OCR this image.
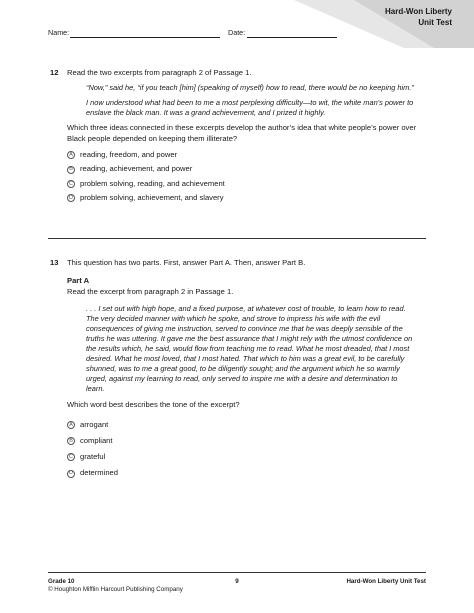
Hard-Won Liberty
Unit Test
Name:	Date:
12 Read the two excerpts from paragraph 2 of Passage 1.

“Now,” said he, “if you teach [him] (speaking of myself) how to read, there would be no keeping him.”

I now understood what had been to me a most perplexing difficulty—to wit, the white man’s power to enslave the black man. It was a grand achievement, and I prized it highly.

Which three ideas connected in these excerpts develop the author’s idea that white people’s power over Black people depended on keeping them illiterate?

A reading, freedom, and power
B reading, achievement, and power
C problem solving, reading, and achievement
D problem solving, achievement, and slavery
13 This question has two parts. First, answer Part A. Then, answer Part B.

Part A

Read the excerpt from paragraph 2 in Passage 1.

. . . I set out with high hope, and a fixed purpose, at whatever cost of trouble, to learn how to read. The very decided manner with which he spoke, and strove to impress his wife with the evil consequences of giving me instruction, served to convince me that he was deeply sensible of the truths he was uttering. It gave me the best assurance that I might rely with the utmost confidence on the results which, he said, would flow from teaching me to read. What he most dreaded, that I most desired. What he most loved, that I most hated. That which to him was a great evil, to be carefully shunned, was to me a great good, to be diligently sought; and the argument which he so warmly urged, against my learning to read, only served to inspire me with a desire and determination to learn.

Which word best describes the tone of the excerpt?

A arrogant
B compliant
C grateful
D determined
Grade 10
© Houghton Mifflin Harcourt Publishing Company
9	Hard-Won Liberty Unit Test
